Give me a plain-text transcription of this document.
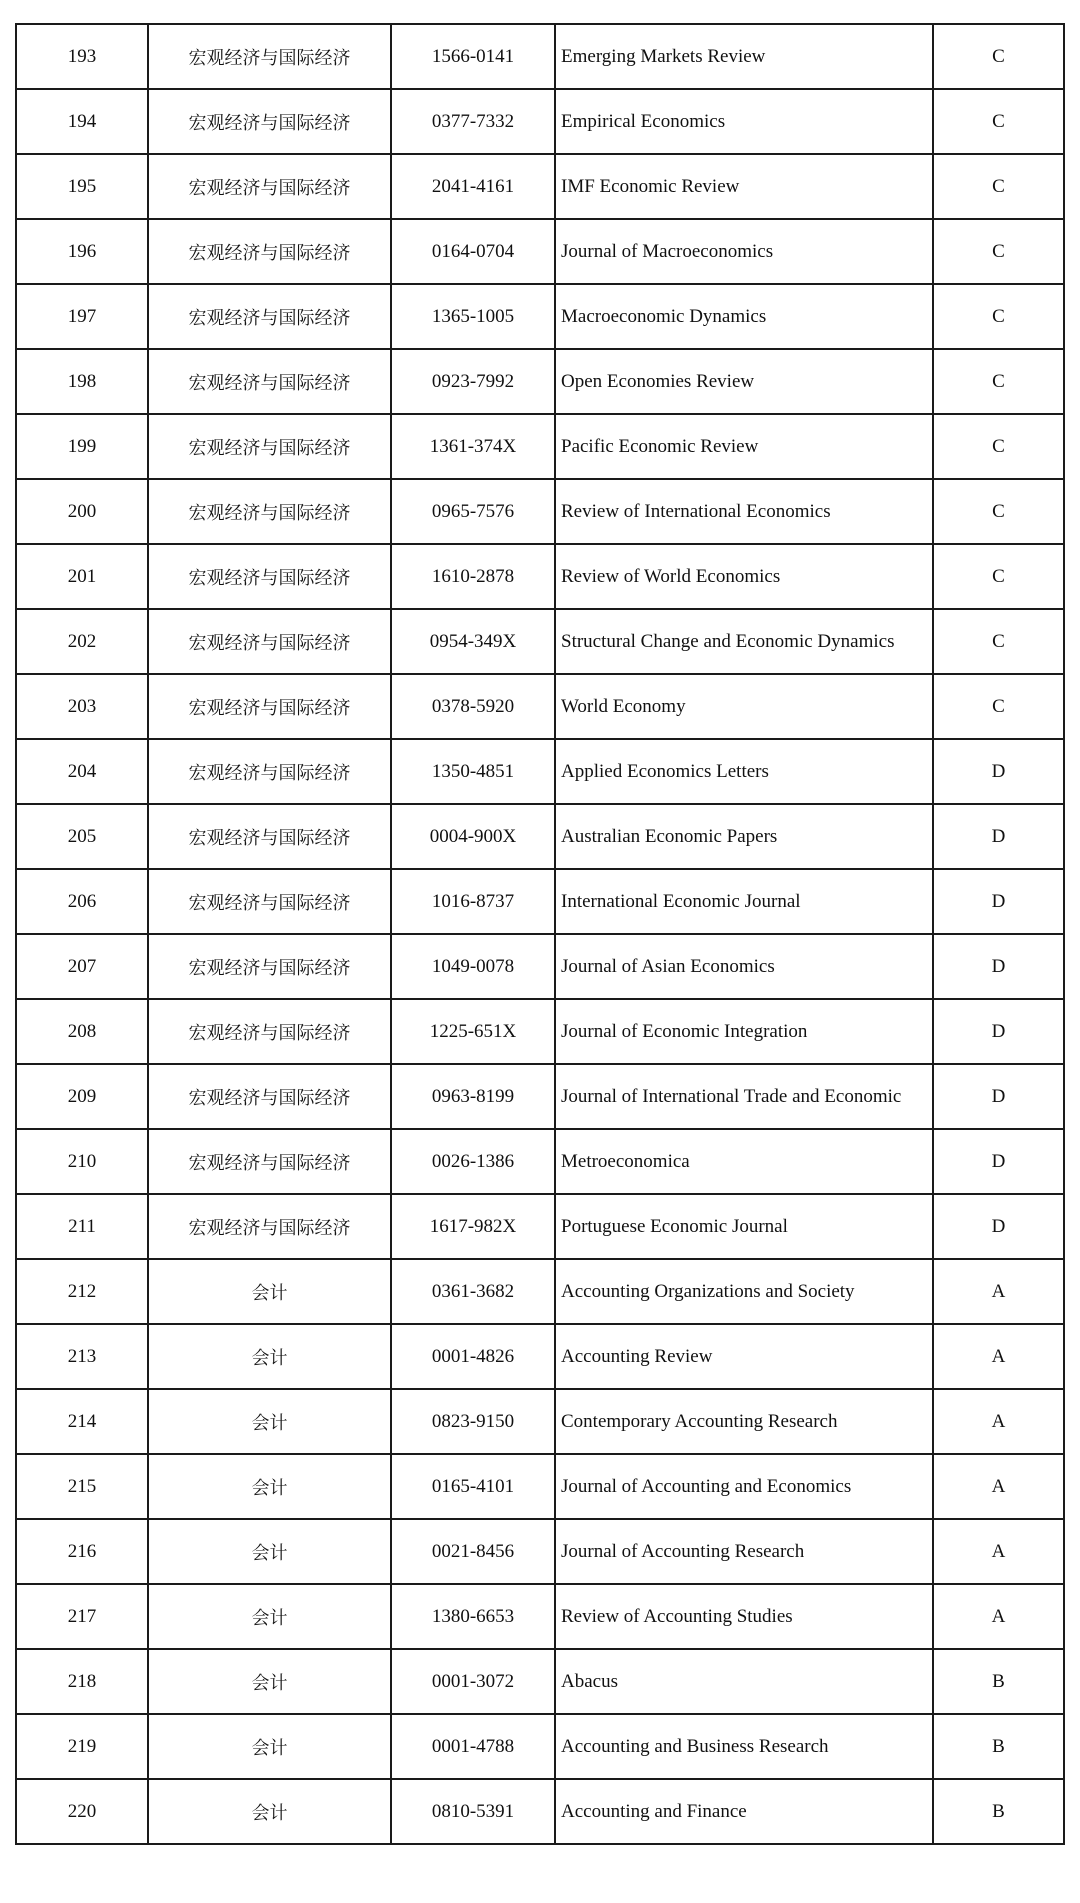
193	宏观经济与国际经济	1566-0141	Emerging Markets Review	C
194	宏观经济与国际经济	0377-7332	Empirical Economics	C
195	宏观经济与国际经济	2041-4161	IMF Economic Review	C
196	宏观经济与国际经济	0164-0704	Journal of Macroeconomics	C
197	宏观经济与国际经济	1365-1005	Macroeconomic Dynamics	C
198	宏观经济与国际经济	0923-7992	Open Economies Review	C
199	宏观经济与国际经济	1361-374X	Pacific Economic Review	C
200	宏观经济与国际经济	0965-7576	Review of International Economics	C
201	宏观经济与国际经济	1610-2878	Review of World Economics	C
202	宏观经济与国际经济	0954-349X	Structural Change and Economic Dynamics	C
203	宏观经济与国际经济	0378-5920	World Economy	C
204	宏观经济与国际经济	1350-4851	Applied Economics Letters	D
205	宏观经济与国际经济	0004-900X	Australian Economic Papers	D
206	宏观经济与国际经济	1016-8737	International Economic Journal	D
207	宏观经济与国际经济	1049-0078	Journal of Asian Economics	D
208	宏观经济与国际经济	1225-651X	Journal of Economic Integration	D
209	宏观经济与国际经济	0963-8199	Journal of International Trade and Economic	D
210	宏观经济与国际经济	0026-1386	Metroeconomica	D
211	宏观经济与国际经济	1617-982X	Portuguese Economic Journal	D
212	会计	0361-3682	Accounting Organizations and Society	A
213	会计	0001-4826	Accounting Review	A
214	会计	0823-9150	Contemporary Accounting Research	A
215	会计	0165-4101	Journal of Accounting and Economics	A
216	会计	0021-8456	Journal of Accounting Research	A
217	会计	1380-6653	Review of Accounting Studies	A
218	会计	0001-3072	Abacus	B
219	会计	0001-4788	Accounting and Business Research	B
220	会计	0810-5391	Accounting and Finance	B
